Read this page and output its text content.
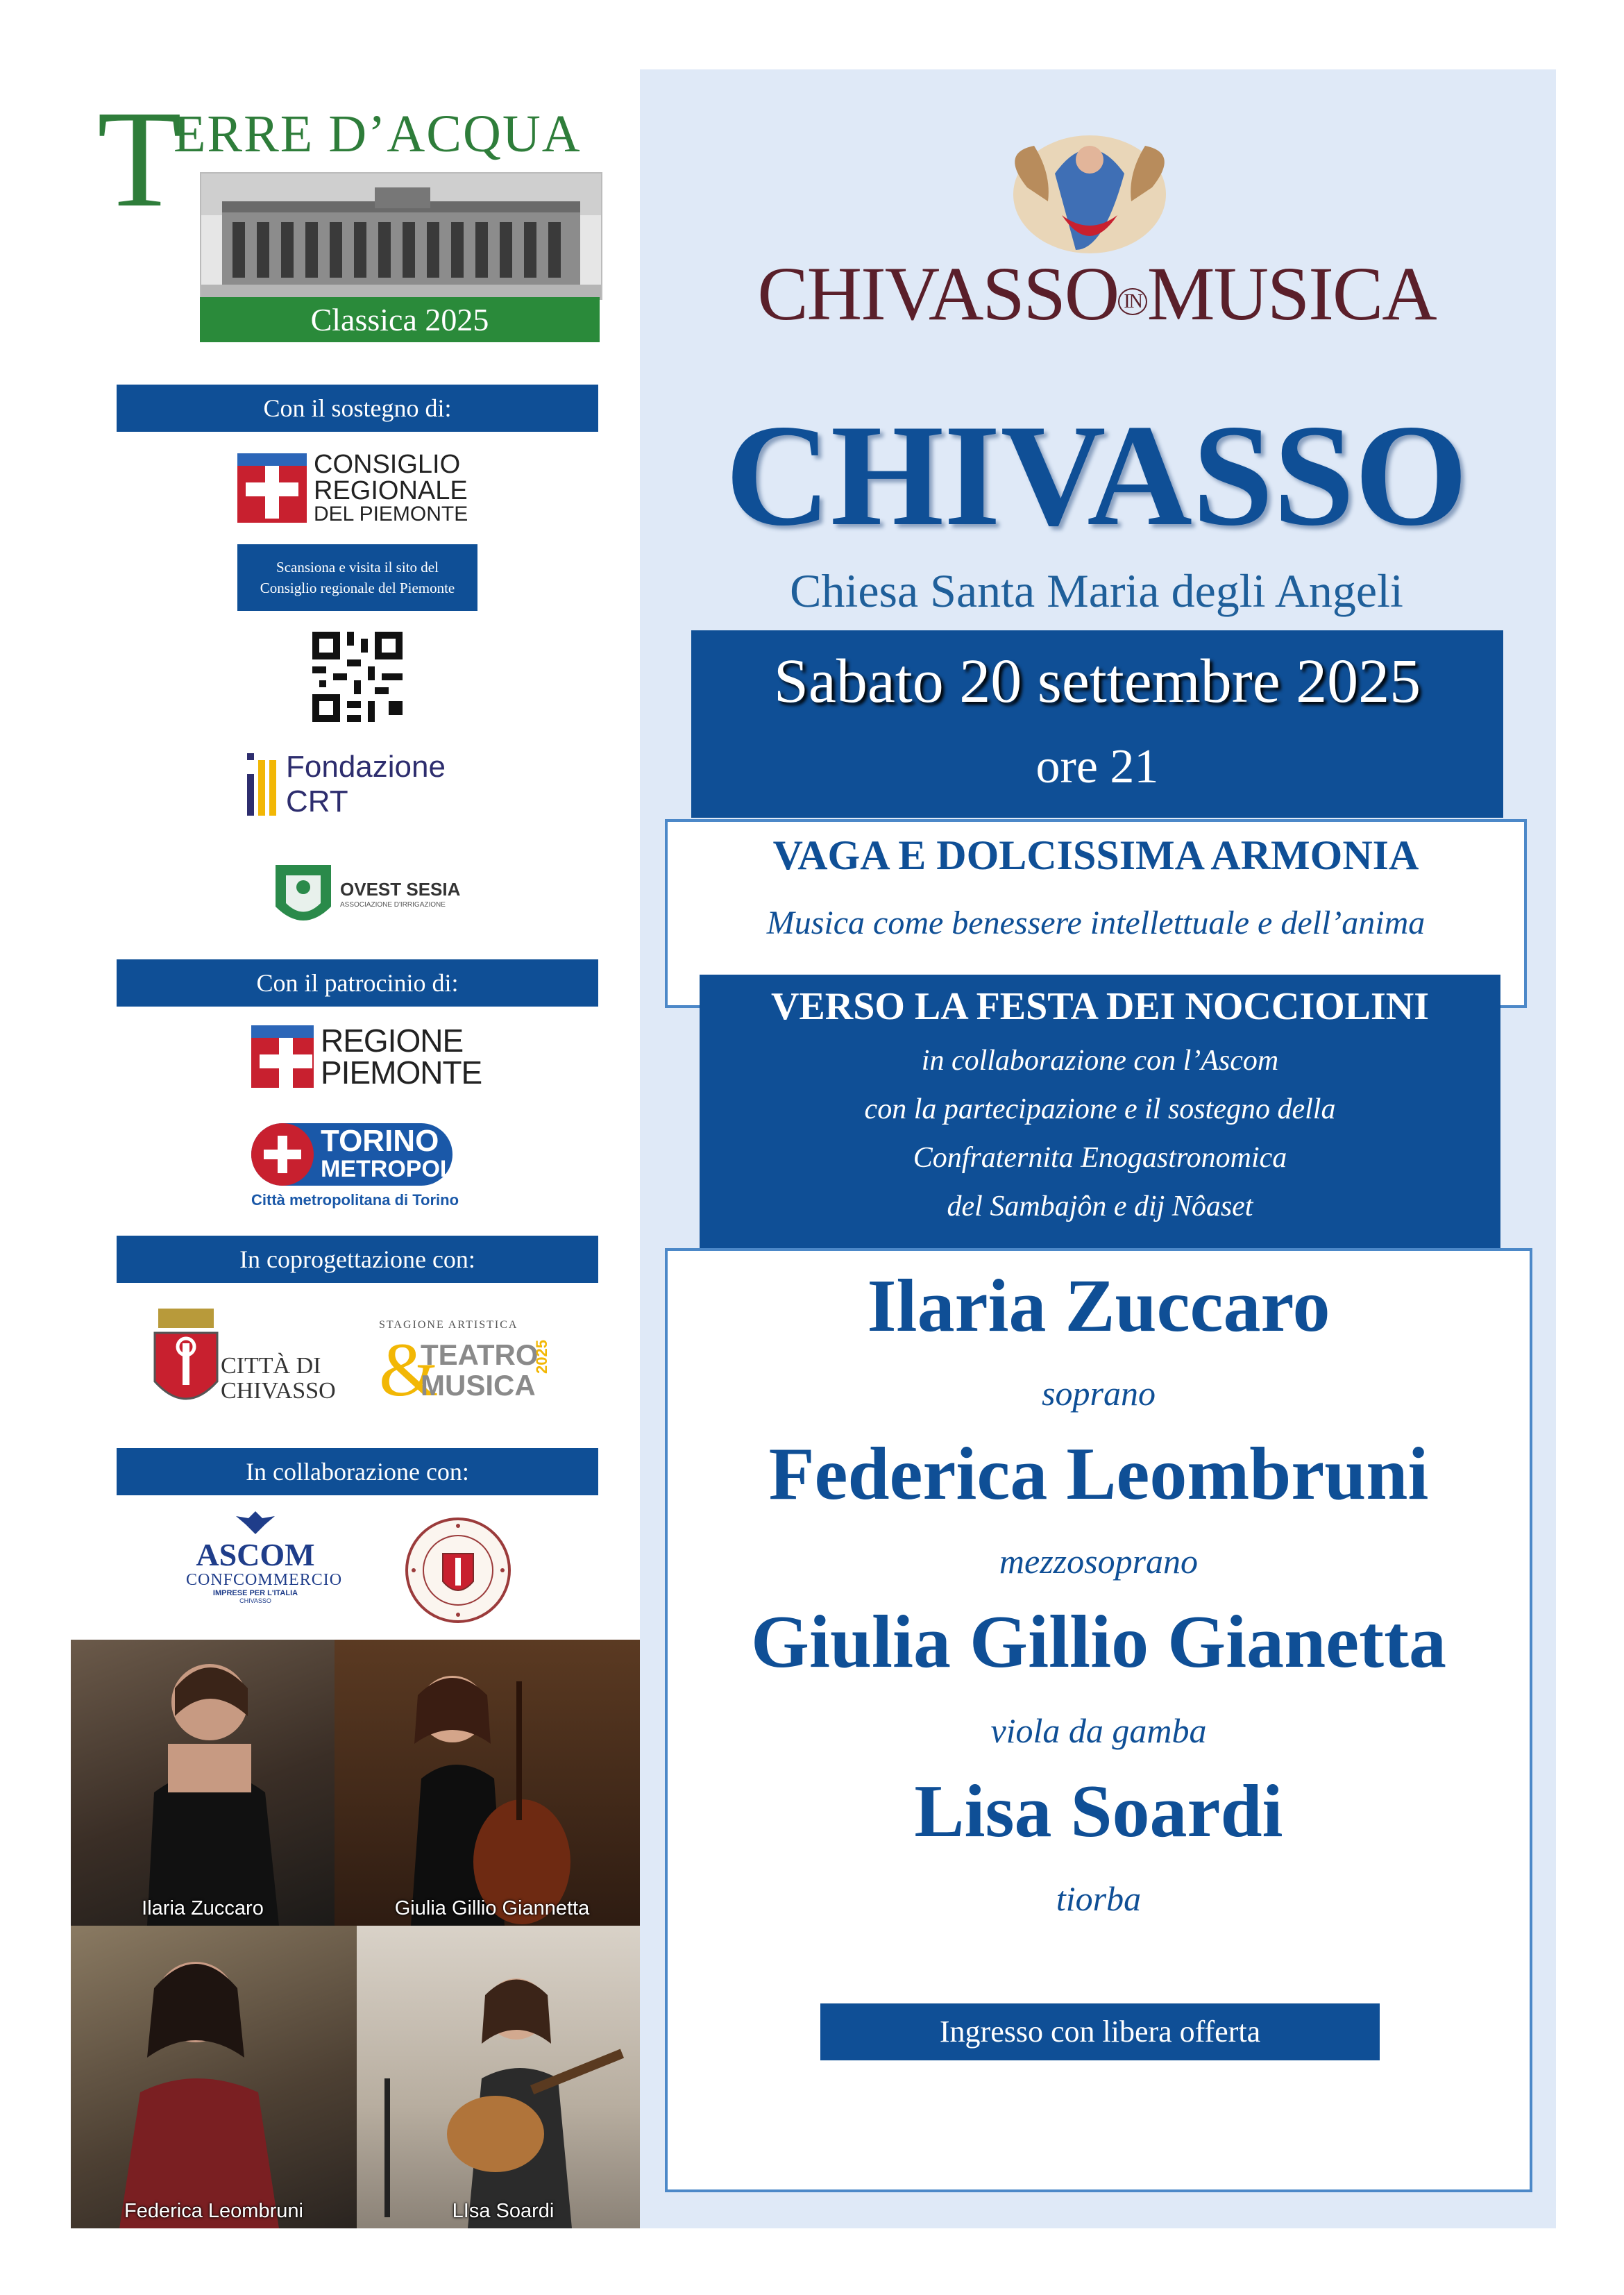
T
ERRE D’ACQUA
Classica 2025
Con il sostegno di:
CONSIGLIO
REGIONALE
DEL PIEMONTE
Scansiona e visita il sito del
Consiglio regionale del Piemonte
Fondazione
CRT
OVEST SESIA
ASSOCIAZIONE D'IRRIGAZIONE
Con il patrocinio di:
REGIONE
PIEMONTE
TORINO
METROPOLI
Città metropolitana di Torino
In coprogettazione con:
CITTÀ DI
CHIVASSO
STAGIONE ARTISTICA
&
TEATRO
MUSICA
2025
In collaborazione con:
ASCOM
CONFCOMMERCIO
IMPRESE PER L'ITALIA
CHIVASSO
Ilaria Zuccaro	Giulia Gillio Giannetta
Federica Leombruni	LIsa Soardi
CHIVASSO INMUSICA
CHIVASSO
Chiesa Santa Maria degli Angeli
Sabato 20 settembre 2025
ore 21
VAGA E DOLCISSIMA ARMONIA
Musica come benessere intellettuale e dell’anima
VERSO LA FESTA DEI NOCCIOLINI
in collaborazione con l’Ascom
con la partecipazione e il sostegno della
Confraternita Enogastronomica
del Sambajôn e dij Nôaset
Ilaria Zuccaro
soprano
Federica Leombruni
mezzosoprano
Giulia Gillio Gianetta
viola da gamba
Lisa Soardi
tiorba
Ingresso con libera offerta
